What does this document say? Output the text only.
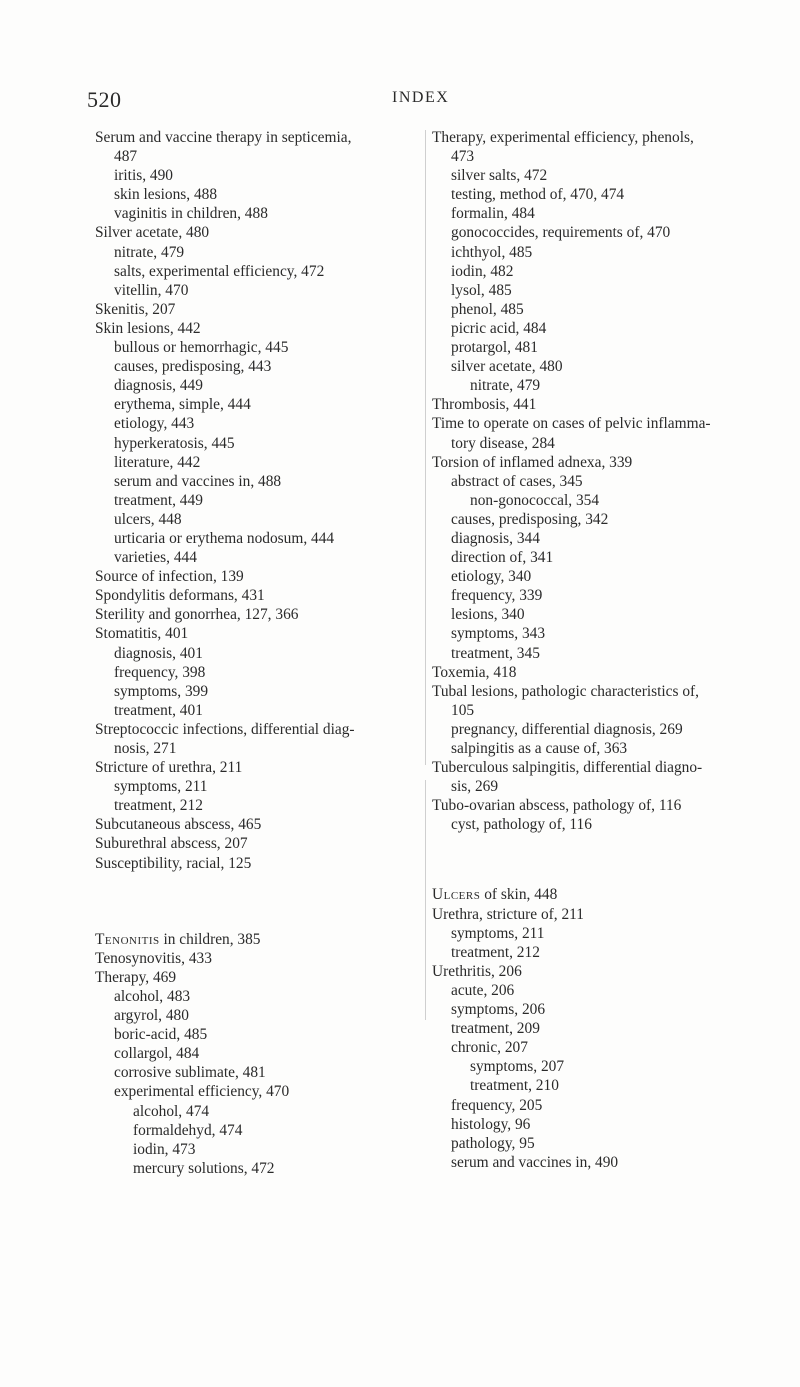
520	INDEX
Serum and vaccine therapy in septicemia,
487
iritis, 490
skin lesions, 488
vaginitis in children, 488
Silver acetate, 480
nitrate, 479
salts, experimental efficiency, 472
vitellin, 470
Skenitis, 207
Skin lesions, 442
bullous or hemorrhagic, 445
causes, predisposing, 443
diagnosis, 449
erythema, simple, 444
etiology, 443
hyperkeratosis, 445
literature, 442
serum and vaccines in, 488
treatment, 449
ulcers, 448
urticaria or erythema nodosum, 444
varieties, 444
Source of infection, 139
Spondylitis deformans, 431
Sterility and gonorrhea, 127, 366
Stomatitis, 401
diagnosis, 401
frequency, 398
symptoms, 399
treatment, 401
Streptococcic infections, differential diag-
nosis, 271
Stricture of urethra, 211
symptoms, 211
treatment, 212
Subcutaneous abscess, 465
Suburethral abscess, 207
Susceptibility, racial, 125
Tenonitis in children, 385
Tenosynovitis, 433
Therapy, 469
alcohol, 483
argyrol, 480
boric-acid, 485
collargol, 484
corrosive sublimate, 481
experimental efficiency, 470
alcohol, 474
formaldehyd, 474
iodin, 473
mercury solutions, 472
Therapy, experimental efficiency, phenols,
473
silver salts, 472
testing, method of, 470, 474
formalin, 484
gonococcides, requirements of, 470
ichthyol, 485
iodin, 482
lysol, 485
phenol, 485
picric acid, 484
protargol, 481
silver acetate, 480
nitrate, 479
Thrombosis, 441
Time to operate on cases of pelvic inflamma-
tory disease, 284
Torsion of inflamed adnexa, 339
abstract of cases, 345
non-gonococcal, 354
causes, predisposing, 342
diagnosis, 344
direction of, 341
etiology, 340
frequency, 339
lesions, 340
symptoms, 343
treatment, 345
Toxemia, 418
Tubal lesions, pathologic characteristics of,
105
pregnancy, differential diagnosis, 269
salpingitis as a cause of, 363
Tuberculous salpingitis, differential diagno-
sis, 269
Tubo-ovarian abscess, pathology of, 116
cyst, pathology of, 116
Ulcers of skin, 448
Urethra, stricture of, 211
symptoms, 211
treatment, 212
Urethritis, 206
acute, 206
symptoms, 206
treatment, 209
chronic, 207
symptoms, 207
treatment, 210
frequency, 205
histology, 96
pathology, 95
serum and vaccines in, 490
